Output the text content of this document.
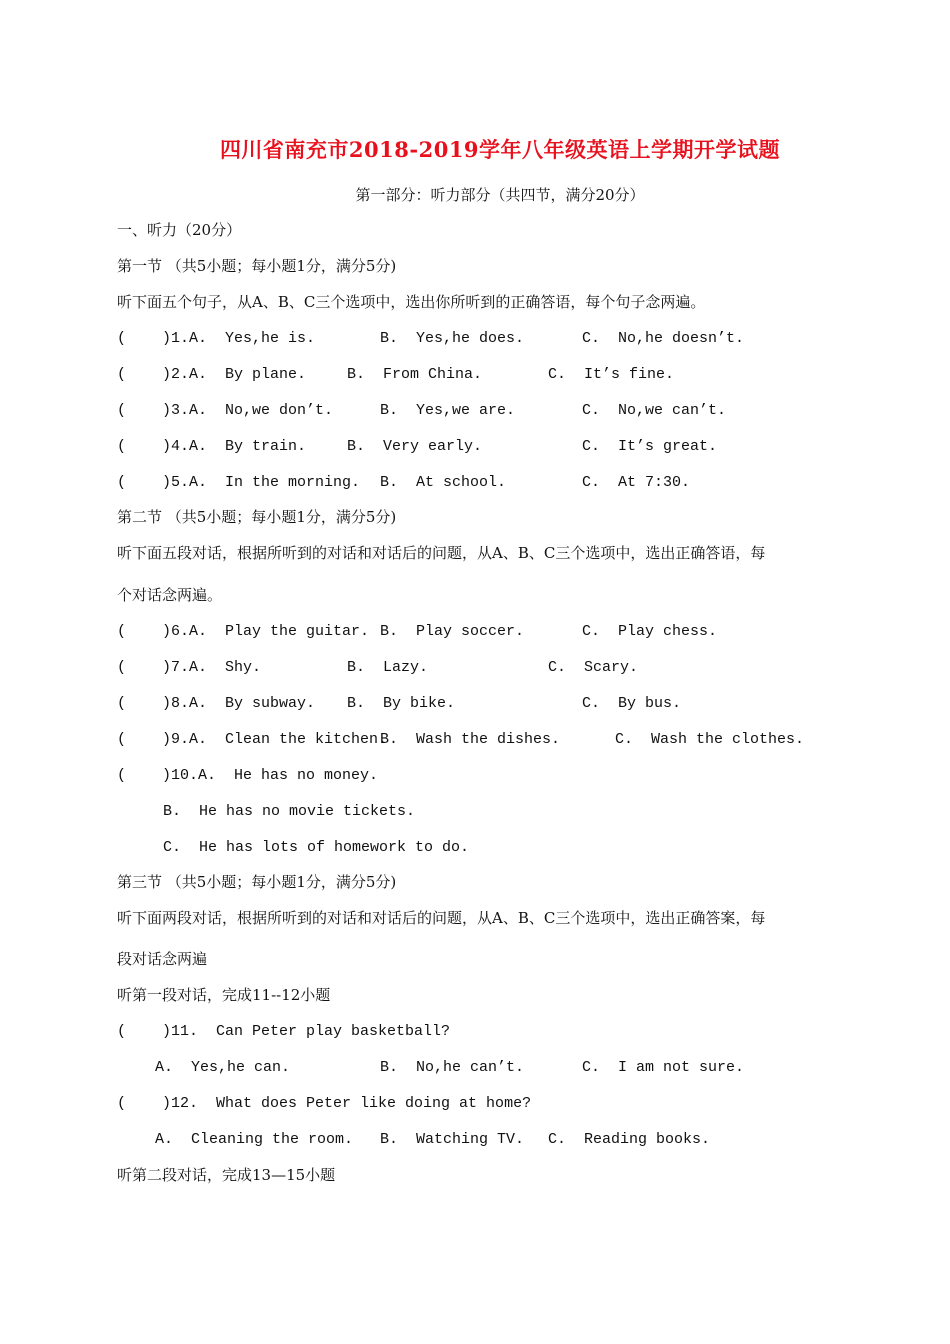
四川省南充市2018-2019学年八年级英语上学期开学试题
第一部分：听力部分（共四节，满分20分）
一、听力（20分）
第一节 （共5小题；每小题1分，满分5分)
听下面五个句子，从A、B、C三个选项中，选出你所听到的正确答语，每个句子念两遍。
(    )1.A.  Yes,he is.	B.  Yes,he does.	C.  No,he doesn’t.
(    )2.A.  By plane.	B.  From China.	C.  It’s fine.
(    )3.A.  No,we don’t.	B.  Yes,we are.	C.  No,we can’t.
(    )4.A.  By train.	B.  Very early.	C.  It’s great.
(    )5.A.  In the morning. B.  At school.	C.  At 7:30.
第二节 （共5小题；每小题1分，满分5分)
听下面五段对话，根据所听到的对话和对话后的问题，从A、B、C三个选项中，选出正确答语，每
个对话念两遍。
(    )6.A.  Play the guitar. B.  Play soccer.	C.  Play chess.
(    )7.A.  Shy.	B.  Lazy.	C.  Scary.
(    )8.A.  By subway. B.  By bike.	C.  By bus.
(    )9.A.  Clean the kitchen.
B.  Wash the dishes.	C.  Wash the clothes.
(    )10.A.  He has no money.
B.  He has no movie tickets.
C.  He has lots of homework to do.
第三节 （共5小题；每小题1分，满分5分)
听下面两段对话，根据所听到的对话和对话后的问题，从A、B、C三个选项中，选出正确答案，每
段对话念两遍
听第一段对话，完成11--12小题
(    )11.  Can Peter play basketball?
A.  Yes,he can.	B.  No,he can’t.	C.  I am not sure.
(    )12.  What does Peter like doing at home?
A.  Cleaning the room. B.  Watching TV. C.  Reading books.
听第二段对话，完成13—15小题
